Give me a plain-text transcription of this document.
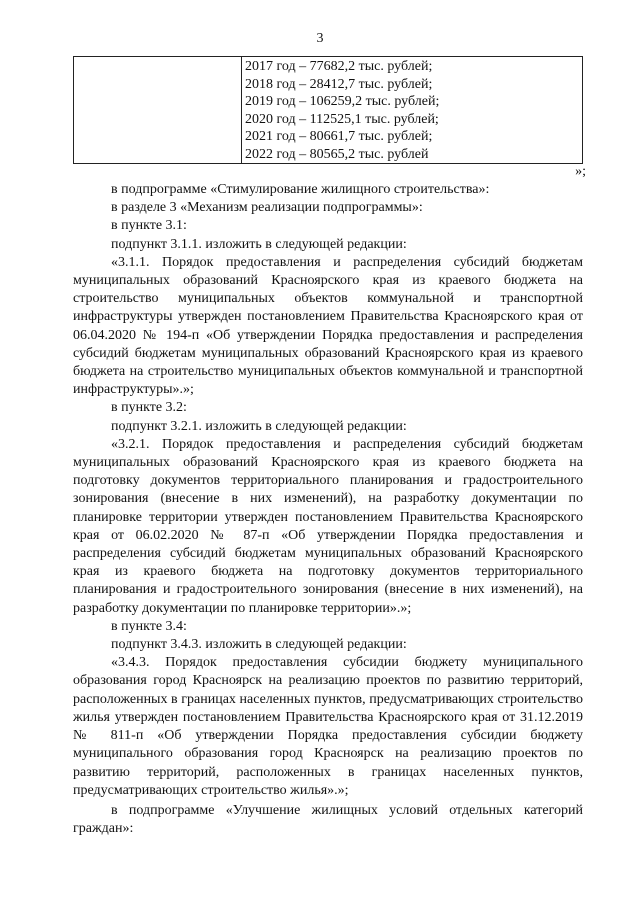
3
2017 год – 77682,2 тыс. рублей;
2018 год – 28412,7 тыс. рублей;
2019 год – 106259,2 тыс. рублей;
2020 год – 112525,1 тыс. рублей;
2021 год – 80661,7 тыс. рублей;
2022 год – 80565,2 тыс. рублей
»;

в подпрограмме «Стимулирование жилищного строительства»:

в разделе 3 «Механизм реализации подпрограммы»:

в пункте 3.1:

подпункт 3.1.1. изложить в следующей редакции:

«3.1.1. Порядок предоставления и распределения субсидий бюджетам муниципальных образований Красноярского края из краевого бюджета на строительство муниципальных объектов коммунальной и транспортной инфраструктуры утвержден постановлением Правительства Красноярского края от 06.04.2020 № 194-п «Об утверждении Порядка предоставления и распределения субсидий бюджетам муниципальных образований Красноярского края из краевого бюджета на строительство муниципальных объектов коммунальной и транспортной инфраструктуры».»;

в пункте 3.2:

подпункт 3.2.1. изложить в следующей редакции:

«3.2.1. Порядок предоставления и распределения субсидий бюджетам муниципальных образований Красноярского края из краевого бюджета на подготовку документов территориального планирования и градостроительного зонирования (внесение в них изменений), на разработку документации по планировке территории утвержден постановлением Правительства Красноярского края от 06.02.2020 № 87-п «Об утверждении Порядка предоставления и распределения субсидий бюджетам муниципальных образований Красноярского края из краевого бюджета на подготовку документов территориального планирования и градостроительного зонирования (внесение в них изменений), на разработку документации по планировке территории».»;

в пункте 3.4:

подпункт 3.4.3. изложить в следующей редакции:

«3.4.3. Порядок предоставления субсидии бюджету муниципального образования город Красноярск на реализацию проектов по развитию территорий, расположенных в границах населенных пунктов, предусматривающих строительство жилья утвержден постановлением Правительства Красноярского края от 31.12.2019 № 811-п «Об утверждении Порядка предоставления субсидии бюджету муниципального образования город Красноярск на реализацию проектов по развитию территорий, расположенных в границах населенных пунктов, предусматривающих строительство жилья».»;

в подпрограмме «Улучшение жилищных условий отдельных категорий граждан»:
